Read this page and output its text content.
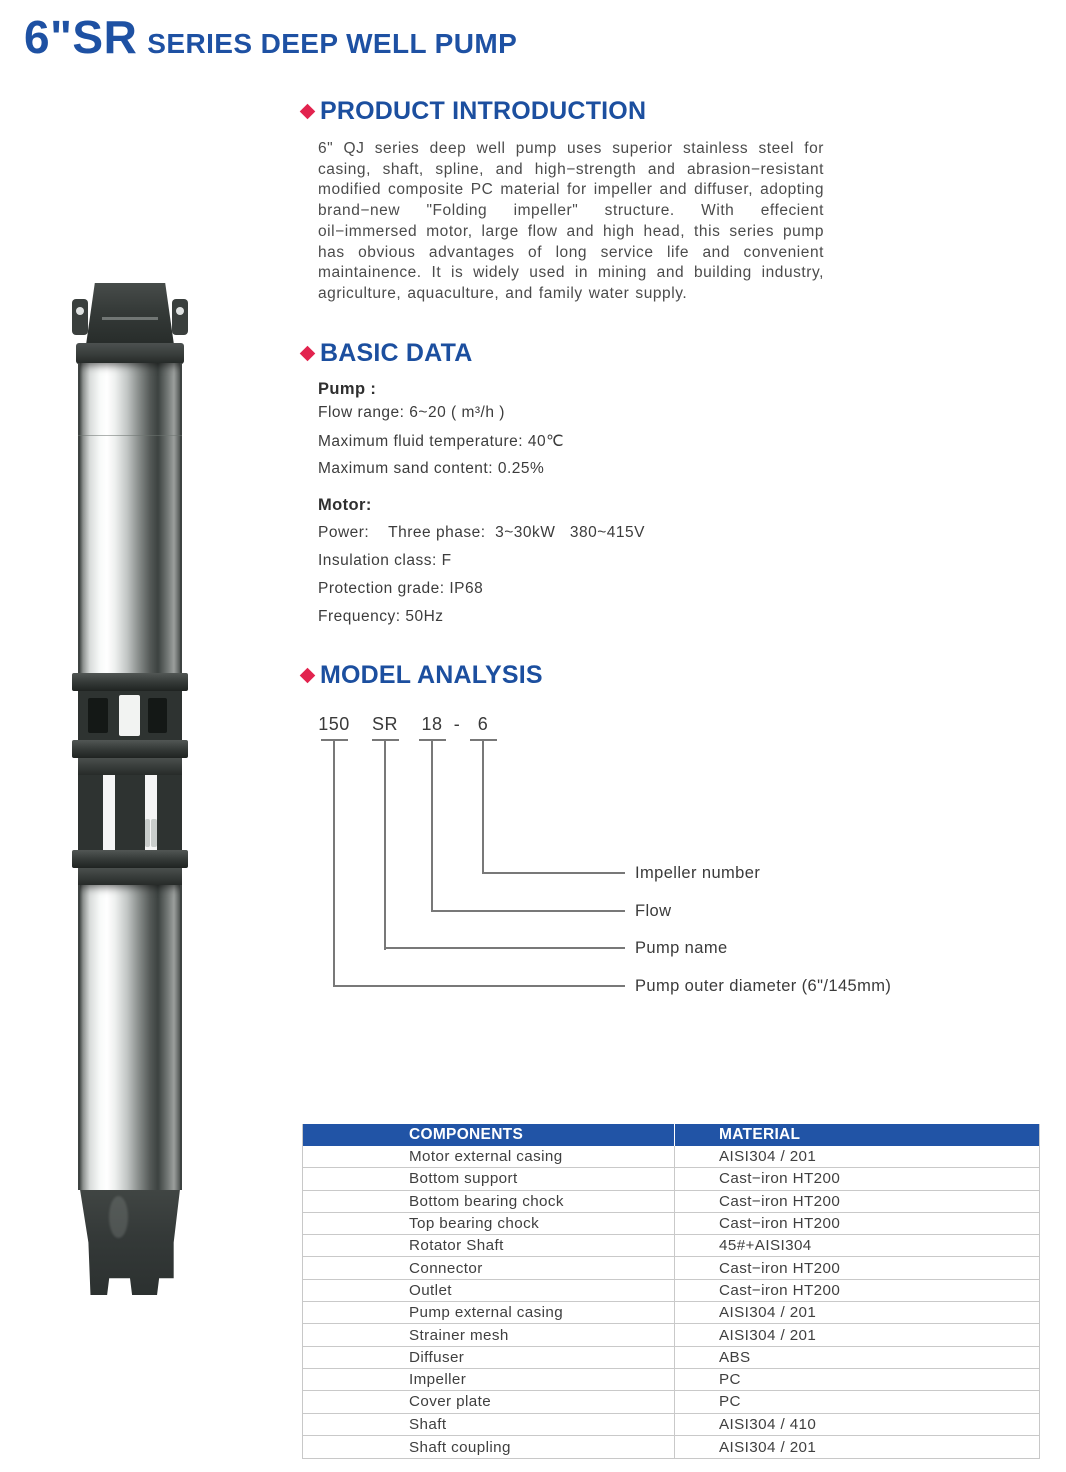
6"SR SERIES DEEP WELL PUMP
PRODUCT INTRODUCTION

6" QJ series deep well pump uses superior stainless steel for casing, shaft, spline, and high−strength and abrasion−resistant modified composite PC material for impeller and diffuser, adopting brand−new "Folding impeller" structure. With effecient oil−immersed motor, large flow and high head, this series pump has obvious advantages of long service life and convenient maintainence. It is widely used in mining and building industry, agriculture, aquaculture, and family water supply.

BASIC DATA
Pump :
Flow range: 6~20 ( m³/h )
Maximum fluid temperature: 40℃
Maximum sand content: 0.25%
Motor:
Power:    Three phase:  3~30kW   380~415V
Insulation class: F
Protection grade: IP68
Frequency: 50Hz
MODEL ANALYSIS
150 SR 18 - 6
Impeller number
Flow
Pump name
Pump outer diameter (6"/145mm)
COMPONENTS	MATERIAL
Motor external casing	AISI304 / 201
Bottom support	Cast−iron HT200
Bottom bearing chock	Cast−iron HT200
Top bearing chock	Cast−iron HT200
Rotator Shaft	45#+AISI304
Connector	Cast−iron HT200
Outlet	Cast−iron HT200
Pump external casing	AISI304 / 201
Strainer mesh	AISI304 / 201
Diffuser	ABS
Impeller	PC
Cover plate	PC
Shaft	AISI304 / 410
Shaft coupling	AISI304 / 201
